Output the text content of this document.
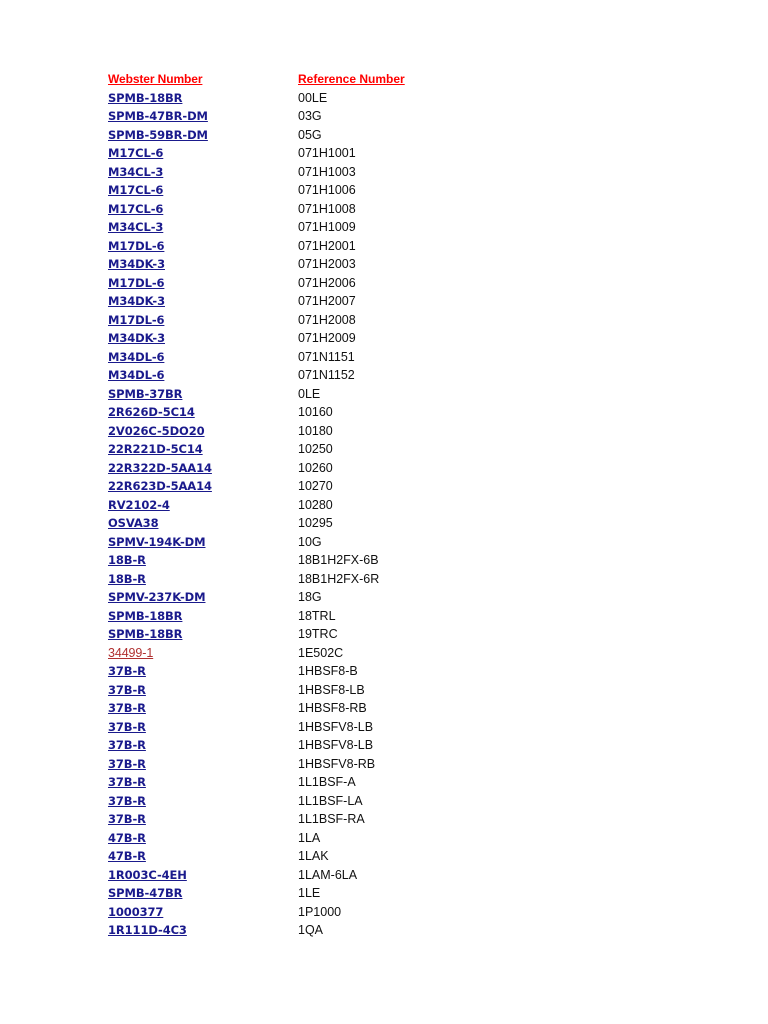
Webster Number	Reference Number
SPMB-18BR	00LE
SPMB-47BR-DM	03G
SPMB-59BR-DM	05G
M17CL-6	071H1001
M34CL-3	071H1003
M17CL-6	071H1006
M17CL-6	071H1008
M34CL-3	071H1009
M17DL-6	071H2001
M34DK-3	071H2003
M17DL-6	071H2006
M34DK-3	071H2007
M17DL-6	071H2008
M34DK-3	071H2009
M34DL-6	071N1151
M34DL-6	071N1152
SPMB-37BR	0LE
2R626D-5C14	10160
2V026C-5DO20	10180
22R221D-5C14	10250
22R322D-5AA14	10260
22R623D-5AA14	10270
RV2102-4	10280
OSVA38	10295
SPMV-194K-DM	10G
18B-R	18B1H2FX-6B
18B-R	18B1H2FX-6R
SPMV-237K-DM	18G
SPMB-18BR	18TRL
SPMB-18BR	19TRC
34499-1	1E502C
37B-R	1HBSF8-B
37B-R	1HBSF8-LB
37B-R	1HBSF8-RB
37B-R	1HBSFV8-LB
37B-R	1HBSFV8-LB
37B-R	1HBSFV8-RB
37B-R	1L1BSF-A
37B-R	1L1BSF-LA
37B-R	1L1BSF-RA
47B-R	1LA
47B-R	1LAK
1R003C-4EH	1LAM-6LA
SPMB-47BR	1LE
1000377	1P1000
1R111D-4C3	1QA
